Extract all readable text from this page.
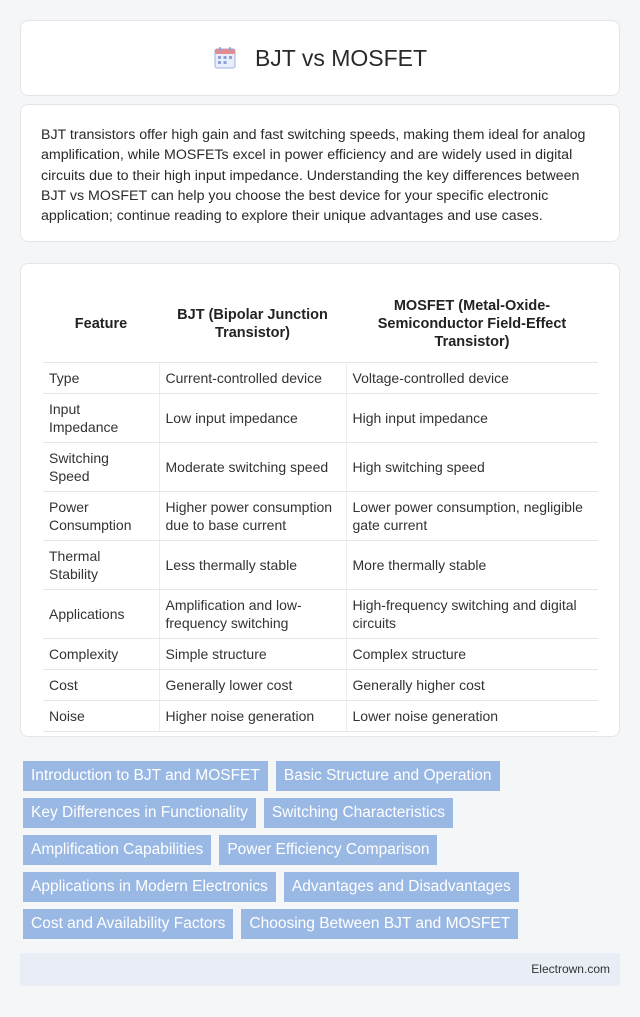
BJT vs MOSFET

BJT transistors offer high gain and fast switching speeds, making them ideal for analog amplification, while MOSFETs excel in power efficiency and are widely used in digital circuits due to their high input impedance. Understanding the key differences between BJT vs MOSFET can help you choose the best device for your specific electronic application; continue reading to explore their unique advantages and use cases.

Feature	BJT (Bipolar Junction Transistor)	MOSFET (Metal-Oxide-Semiconductor Field-Effect Transistor)
Type	Current-controlled device	Voltage-controlled device
Input Impedance	Low input impedance	High input impedance
Switching Speed	Moderate switching speed	High switching speed
Power Consumption	Higher power consumption due to base current	Lower power consumption, negligible gate current
Thermal Stability	Less thermally stable	More thermally stable
Applications	Amplification and low-frequency switching	High-frequency switching and digital circuits
Complexity	Simple structure	Complex structure
Cost	Generally lower cost	Generally higher cost
Noise	Higher noise generation	Lower noise generation
Introduction to BJT and MOSFET	Basic Structure and Operation
Key Differences in Functionality	Switching Characteristics
Amplification Capabilities	Power Efficiency Comparison
Applications in Modern Electronics	Advantages and Disadvantages
Cost and Availability Factors	Choosing Between BJT and MOSFET
Electrown.com
